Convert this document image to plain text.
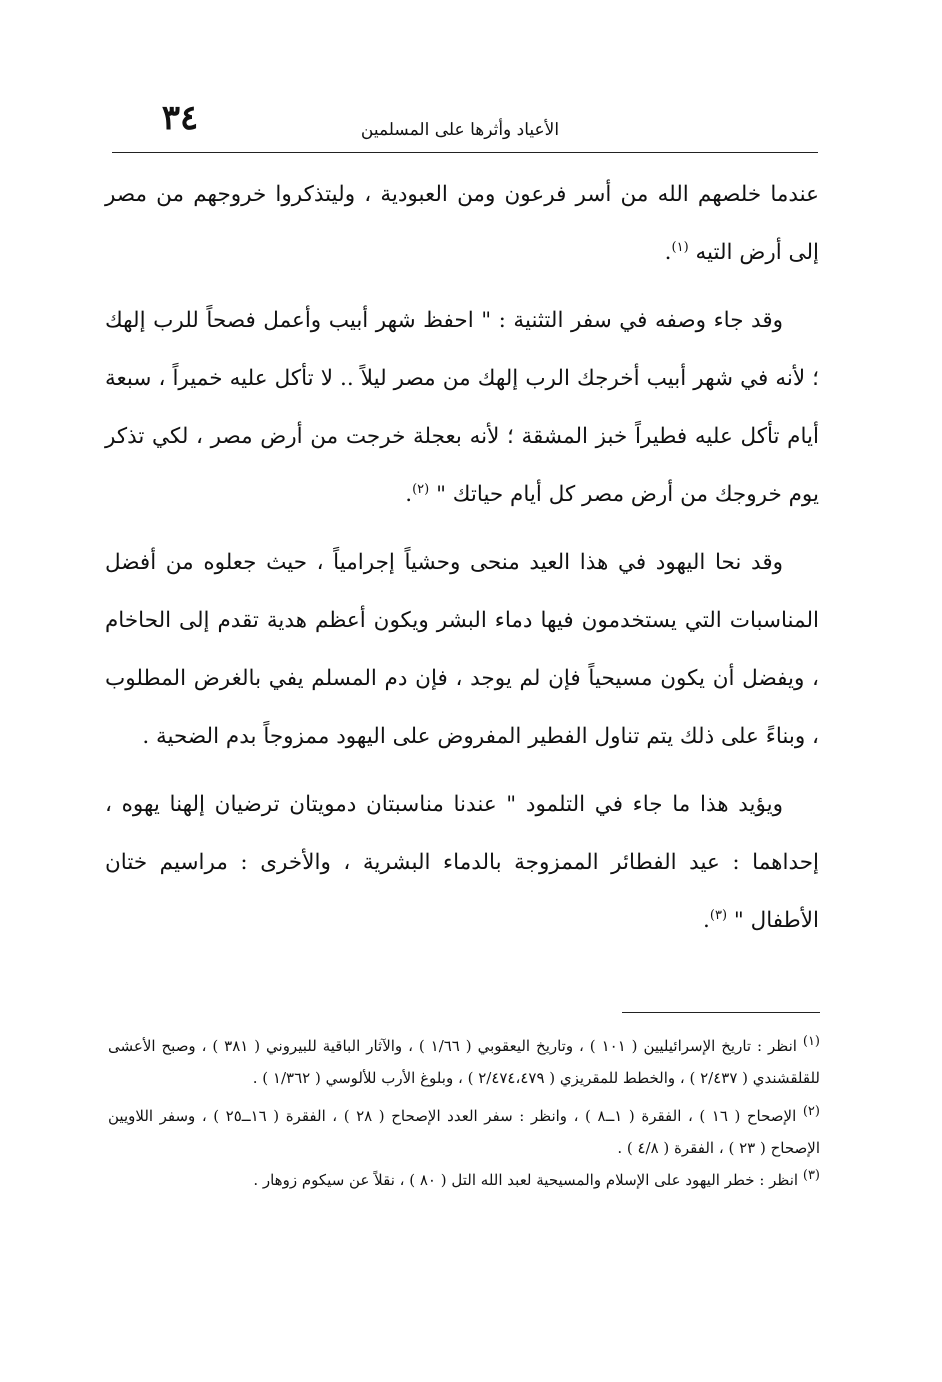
٣٤	الأعياد وأثرها على المسلمين

عندما خلصهم الله من أسر فرعون ومن العبودية ، وليتذكروا خروجهم من مصر إلى أرض التيه $^{(١)}$.

وقد جاء وصفه في سفر التثنية : " احفظ شهر أبيب وأعمل فصحاً للرب إلهك ؛ لأنه في شهر أبيب أخرجك الرب إلهك من مصر ليلاً .. لا تأكل عليه خميراً ، سبعة أيام تأكل عليه فطيراً خبز المشقة ؛ لأنه بعجلة خرجت من أرض مصر ، لكي تذكر يوم خروجك من أرض مصر كل أيام حياتك " $^{(٢)}$.

وقد نحا اليهود في هذا العيد منحى وحشياً إجرامياً ، حيث جعلوه من أفضل المناسبات التي يستخدمون فيها دماء البشر ويكون أعظم هدية تقدم إلى الحاخام ، ويفضل أن يكون مسيحياً فإن لم يوجد ، فإن دم المسلم يفي بالغرض المطلوب ، وبناءً على ذلك يتم تناول الفطير المفروض على اليهود ممزوجاً بدم الضحية .

ويؤيد هذا ما جاء في التلمود " عندنا مناسبتان دمويتان ترضيان إلهنا يهوه ، إحداهما : عيد الفطائر الممزوجة بالدماء البشرية ، والأخرى : مراسيم ختان الأطفال " $^{(٣)}$.

$^{(١)}$ انظر : تاريخ الإسرائيليين ( ١٠١ ) ، وتاريخ اليعقوبي ( ١/٦٦ ) ، والآثار الباقية للبيروني ( ٣٨١ ) ، وصبح الأعشى للقلقشندي ( ٢/٤٣٧ ) ، والخطط للمقريزي ( ٢/٤٧٤،٤٧٩ ) ، وبلوغ الأرب للألوسي ( ١/٣٦٢ ) .

$^{(٢)}$ الإصحاح ( ١٦ ) ، الفقرة ( ١ــ٨ ) ، وانظر : سفر العدد الإصحاح ( ٢٨ ) ، الفقرة ( ١٦ــ٢٥ ) ، وسفر اللاويين الإصحاح ( ٢٣ ) ، الفقرة ( ٤/٨ ) .

$^{(٣)}$ انظر : خطر اليهود على الإسلام والمسيحية لعبد الله التل ( ٨٠ ) ، نقلاً عن سيكوم زوهار .
